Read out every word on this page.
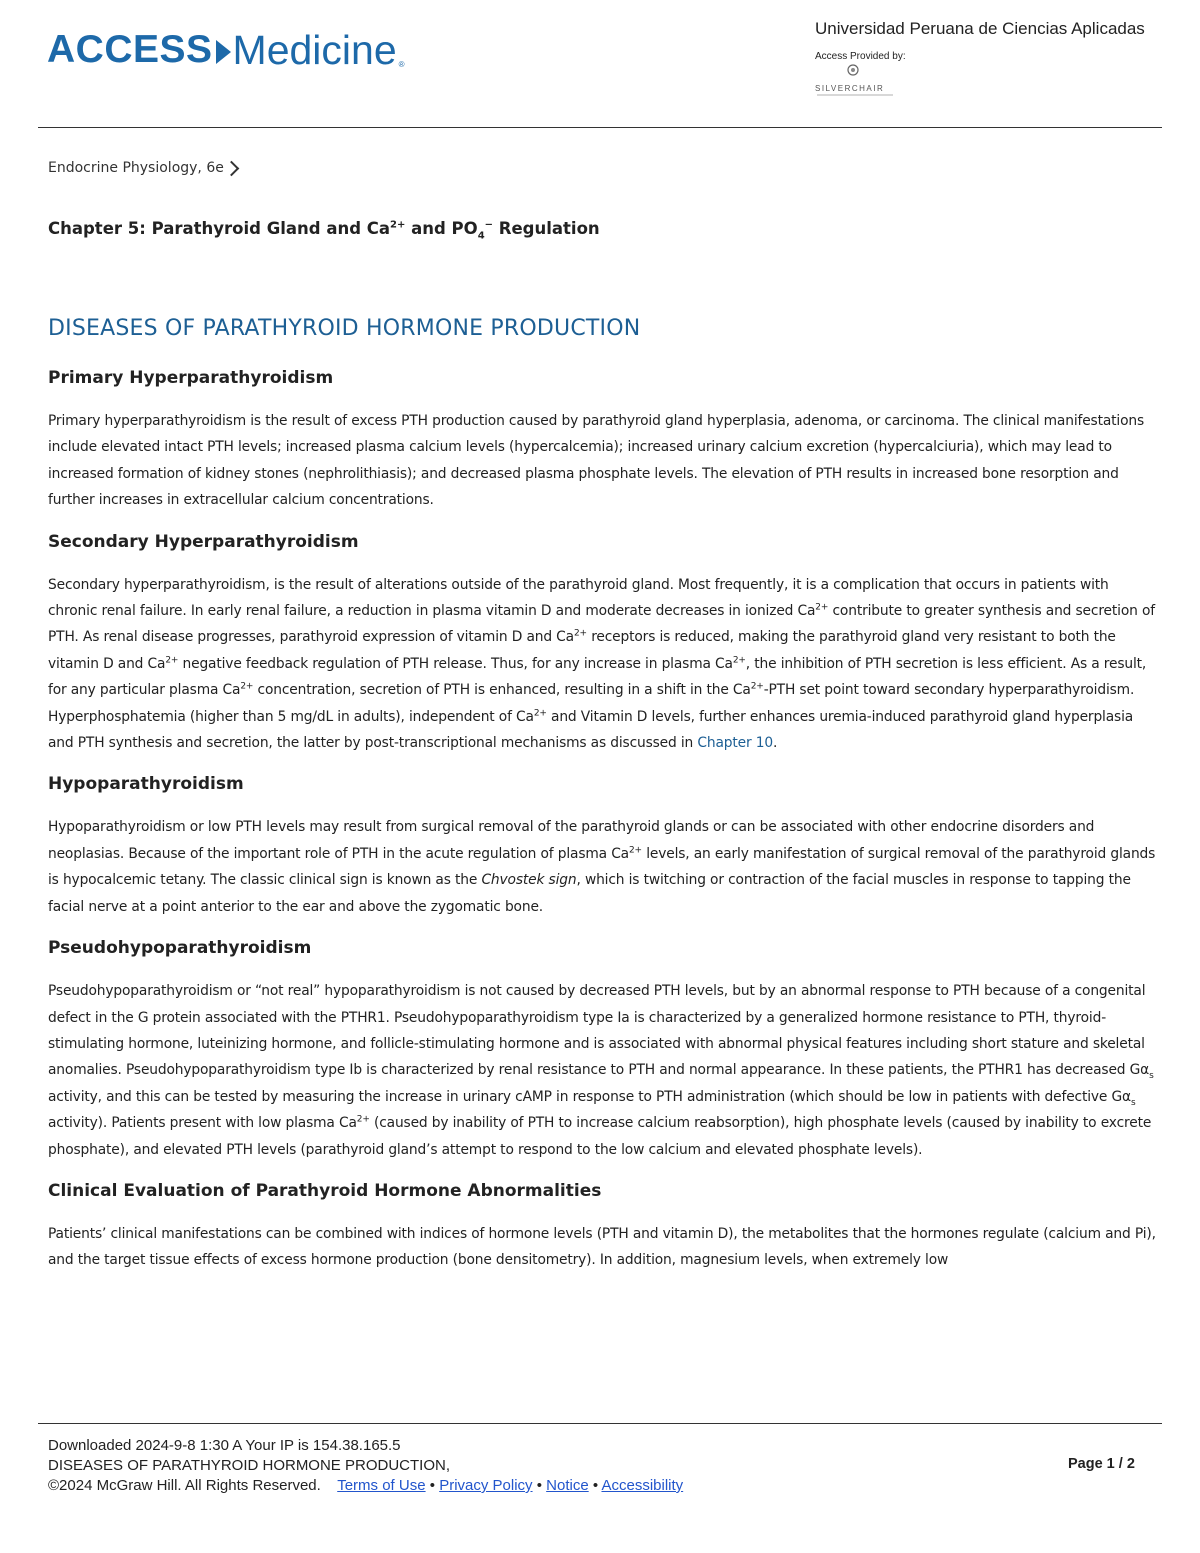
ACCESS Medicine ®
Universidad Peruana de Ciencias Aplicadas
Access Provided by:
SILVERCHAIR
Endocrine Physiology, 6e
Chapter 5: Parathyroid Gland and $Ca^{2+}$ and $PO_4^-$ Regulation
DISEASES OF PARATHYROID HORMONE PRODUCTION
Primary Hyperparathyroidism

Primary hyperparathyroidism is the result of excess PTH production caused by parathyroid gland hyperplasia, adenoma, or carcinoma. The clinical manifestations include elevated intact PTH levels; increased plasma calcium levels (hypercalcemia); increased urinary calcium excretion (hypercalciuria), which may lead to increased formation of kidney stones (nephrolithiasis); and decreased plasma phosphate levels. The elevation of PTH results in increased bone resorption and further increases in extracellular calcium concentrations.

Secondary Hyperparathyroidism

Secondary hyperparathyroidism, is the result of alterations outside of the parathyroid gland. Most frequently, it is a complication that occurs in patients with chronic renal failure. In early renal failure, a reduction in plasma vitamin D and moderate decreases in ionized $Ca^{2+}$ contribute to greater synthesis and secretion of PTH. As renal disease progresses, parathyroid expression of vitamin D and $Ca^{2+}$ receptors is reduced, making the parathyroid gland very resistant to both the vitamin D and $Ca^{2+}$ negative feedback regulation of PTH release. Thus, for any increase in plasma $Ca^{2+}$, the inhibition of PTH secretion is less efficient. As a result, for any particular plasma $Ca^{2+}$ concentration, secretion of PTH is enhanced, resulting in a shift in the $Ca^{2+}$-PTH set point toward secondary hyperparathyroidism. Hyperphosphatemia (higher than 5 mg/dL in adults), independent of $Ca^{2+}$ and Vitamin D levels, further enhances uremia-induced parathyroid gland hyperplasia and PTH synthesis and secretion, the latter by post-transcriptional mechanisms as discussed in Chapter 10.

Hypoparathyroidism

Hypoparathyroidism or low PTH levels may result from surgical removal of the parathyroid glands or can be associated with other endocrine disorders and neoplasias. Because of the important role of PTH in the acute regulation of plasma $Ca^{2+}$ levels, an early manifestation of surgical removal of the parathyroid glands is hypocalcemic tetany. The classic clinical sign is known as the Chvostek sign, which is twitching or contraction of the facial muscles in response to tapping the facial nerve at a point anterior to the ear and above the zygomatic bone.

Pseudohypoparathyroidism

Pseudohypoparathyroidism or “not real” hypoparathyroidism is not caused by decreased PTH levels, but by an abnormal response to PTH because of a congenital defect in the G protein associated with the PTHR1. Pseudohypoparathyroidism type Ia is characterized by a generalized hormone resistance to PTH, thyroid-stimulating hormone, luteinizing hormone, and follicle-stimulating hormone and is associated with abnormal physical features including short stature and skeletal anomalies. Pseudohypoparathyroidism type Ib is characterized by renal resistance to PTH and normal appearance. In these patients, the PTHR1 has decreased $G\alpha_s$ activity, and this can be tested by measuring the increase in urinary cAMP in response to PTH administration (which should be low in patients with defective $G\alpha_s$ activity). Patients present with low plasma $Ca^{2+}$ (caused by inability of PTH to increase calcium reabsorption), high phosphate levels (caused by inability to excrete phosphate), and elevated PTH levels (parathyroid gland’s attempt to respond to the low calcium and elevated phosphate levels).

Clinical Evaluation of Parathyroid Hormone Abnormalities

Patients’ clinical manifestations can be combined with indices of hormone levels (PTH and vitamin D), the metabolites that the hormones regulate (calcium and Pi), and the target tissue effects of excess hormone production (bone densitometry). In addition, magnesium levels, when extremely low

Downloaded 2024-9-8 1:30 A Your IP is 154.38.165.5
DISEASES OF PARATHYROID HORMONE PRODUCTION,
©2024 McGraw Hill. All Rights Reserved. Terms of Use • Privacy Policy • Notice • Accessibility
Page 1 / 2
